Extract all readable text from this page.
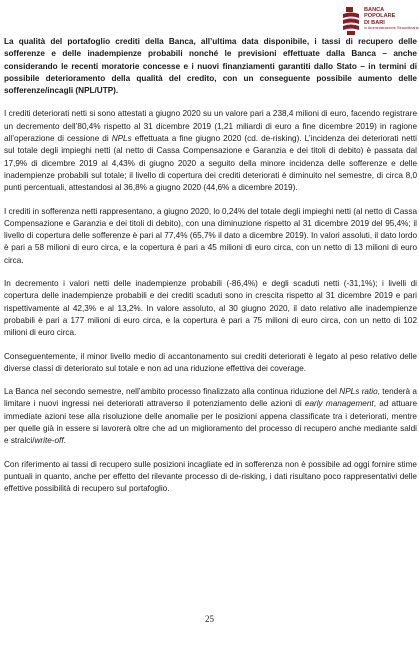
BANCA
POPOLARE
DI BARI
in Amministrazione Straordinaria

La qualità del portafoglio crediti della Banca, all’ultima data disponibile, i tassi di recupero delle sofferenze e delle inadempienze probabili nonché le previsioni effettuate dalla Banca – anche considerando le recenti moratorie concesse e i nuovi finanziamenti garantiti dallo Stato – in termini di possibile deterioramento della qualità del credito, con un conseguente possibile aumento delle sofferenze/incagli (NPL/UTP).

I crediti deteriorati netti si sono attestati a giugno 2020 su un valore pari a 238,4 milioni di euro, facendo registrare un decremento dell’80,4% rispetto al 31 dicembre 2019 (1,21 miliardi di euro a fine dicembre 2019) in ragione all’operazione di cessione di NPLs effettuata a fine giugno 2020 (cd. de-risking). L’incidenza dei deteriorati netti sul totale degli impieghi netti (al netto di Cassa Compensazione e Garanzia e dei titoli di debito) è passata dal 17,9% di dicembre 2019 al 4,43% di giugno 2020 a seguito della minore incidenza delle sofferenze e delle inadempienze probabili sul totale; il livello di copertura dei crediti deteriorati è diminuito nel semestre, di circa 8,0 punti percentuali, attestandosi al 36,8% a giugno 2020 (44,6% a dicembre 2019).

I crediti in sofferenza netti rappresentano, a giugno 2020, lo 0,24% del totale degli impieghi netti (al netto di Cassa Compensazione e Garanzia e dei titoli di debito), con una diminuzione rispetto al 31 dicembre 2019 del 95,4%; il livello di copertura delle sofferenze è pari al 77,4% (65,7% il dato a dicembre 2019). In valori assoluti, il dato lordo è pari a 58 milioni di euro circa, e la copertura è pari a 45 milioni di euro circa, con un netto di 13 milioni di euro circa.

In decremento i valori netti delle inadempienze probabili (-86,4%) e degli scaduti netti (-31,1%); i livelli di copertura delle inadempienze probabili e dei crediti scaduti sono in crescita rispetto al 31 dicembre 2019 e pari rispettivamente al 42,3% e al 13,2%. In valore assoluto, al 30 giugno 2020, il dato relativo alle inadempienze probabili è pari a 177 milioni di euro circa, e la copertura è pari a 75 milioni di euro circa, con un netto di 102 milioni di euro circa.

Conseguentemente, il minor livello medio di accantonamento sui crediti deteriorati è legato al peso relativo delle diverse classi di deteriorato sul totale e non ad una riduzione effettiva dei coverage.

La Banca nel secondo semestre, nell’ambito processo finalizzato alla continua riduzione del NPLs ratio, tenderà a limitare i nuovi ingressi nei deteriorati attraverso il potenziamento delle azioni di early management, ad attuare immediate azioni tese alla risoluzione delle anomalie per le posizioni appena classificate tra i deteriorati, mentre per quelle già in essere si lavorerà oltre che ad un miglioramento del processo di recupero anche mediante saldi e stralci/write-off.

Con riferimento ai tassi di recupero sulle posizioni incagliate ed in sofferenza non è possibile ad oggi fornire stime puntuali in quanto, anche per effetto del rilevante processo di de-risking, i dati risultano poco rappresentativi delle effettive possibilità di recupero sul portafoglio.

25
